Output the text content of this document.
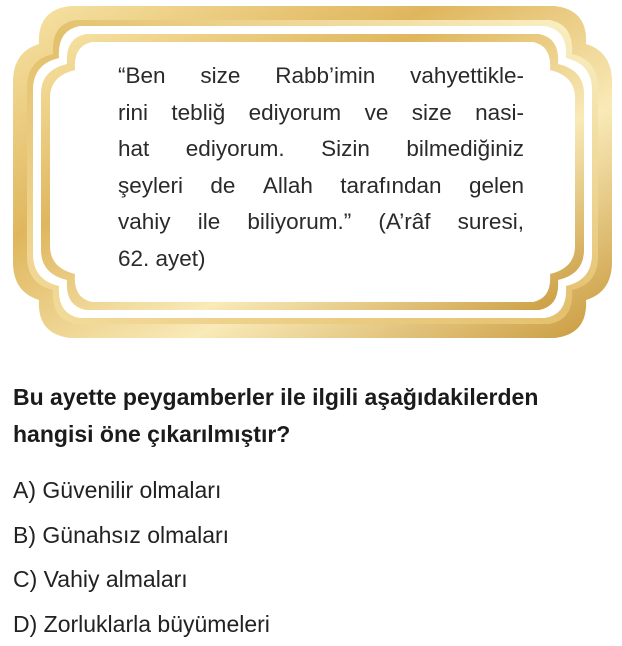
“Ben size Rabb’imin vahyettikle-
rini tebliğ ediyorum ve size nasi-
hat ediyorum. Sizin bilmediğiniz
şeyleri de Allah tarafından gelen
vahiy ile biliyorum.” (A’râf suresi,
62. ayet)
Bu ayette peygamberler ile ilgili aşağıdakilerden
hangisi öne çıkarılmıştır?
A) Güvenilir olmaları
B) Günahsız olmaları
C) Vahiy almaları
D) Zorluklarla büyümeleri
